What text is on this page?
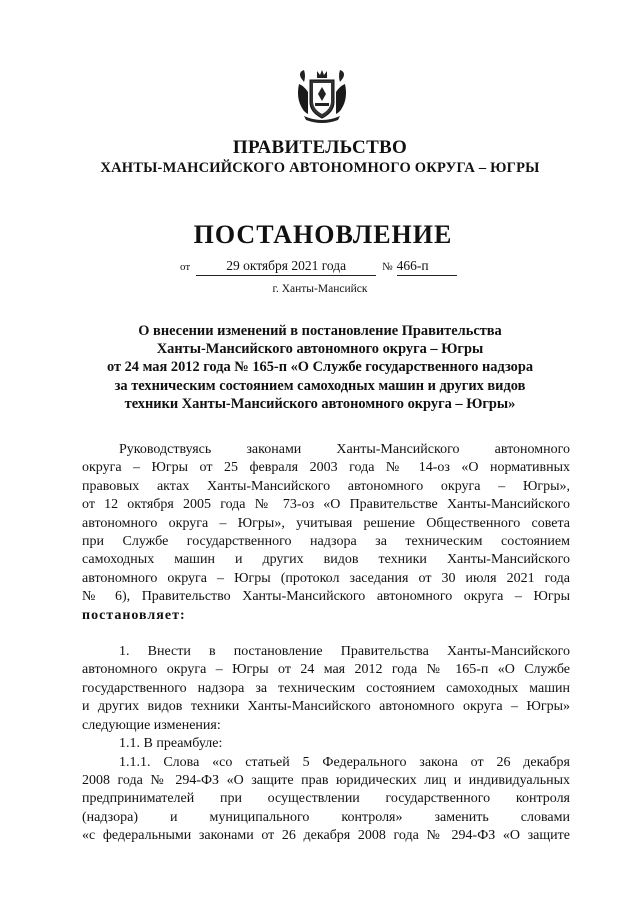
ПРАВИТЕЛЬСТВО
ХАНТЫ-МАНСИЙСКОГО АВТОНОМНОГО ОКРУГА – ЮГРЫ
ПОСТАНОВЛЕНИЕ
от	29 октября 2021 года	№ 466-п
г. Ханты-Мансийск
О внесении изменений в постановление Правительства
Ханты-Мансийского автономного округа – Югры
от 24 мая 2012 года № 165-п «О Службе государственного надзора
за техническим состоянием самоходных машин и других видов
техники Ханты-Мансийского автономного округа – Югры»
Руководствуясь законами Ханты-Мансийского автономного
округа – Югры от 25 февраля 2003 года № 14-оз «О нормативных
правовых актах Ханты-Мансийского автономного округа – Югры»,
от 12 октября 2005 года № 73-оз «О Правительстве Ханты-Мансийского
автономного округа – Югры», учитывая решение Общественного совета
при Службе государственного надзора за техническим состоянием
самоходных машин и других видов техники Ханты-Мансийского
автономного округа – Югры (протокол заседания от 30 июля 2021 года
№ 6), Правительство Ханты-Мансийского автономного округа – Югры
постановляет:
1. Внести в постановление Правительства Ханты-Мансийского
автономного округа – Югры от 24 мая 2012 года № 165-п «О Службе
государственного надзора за техническим состоянием самоходных машин
и других видов техники Ханты-Мансийского автономного округа – Югры»
следующие изменения:
1.1. В преамбуле:
1.1.1. Слова «со статьей 5 Федерального закона от 26 декабря
2008 года № 294-ФЗ «О защите прав юридических лиц и индивидуальных
предпринимателей при осуществлении государственного контроля
(надзора) и муниципального контроля» заменить словами
«с федеральными законами от 26 декабря 2008 года № 294-ФЗ «О защите
